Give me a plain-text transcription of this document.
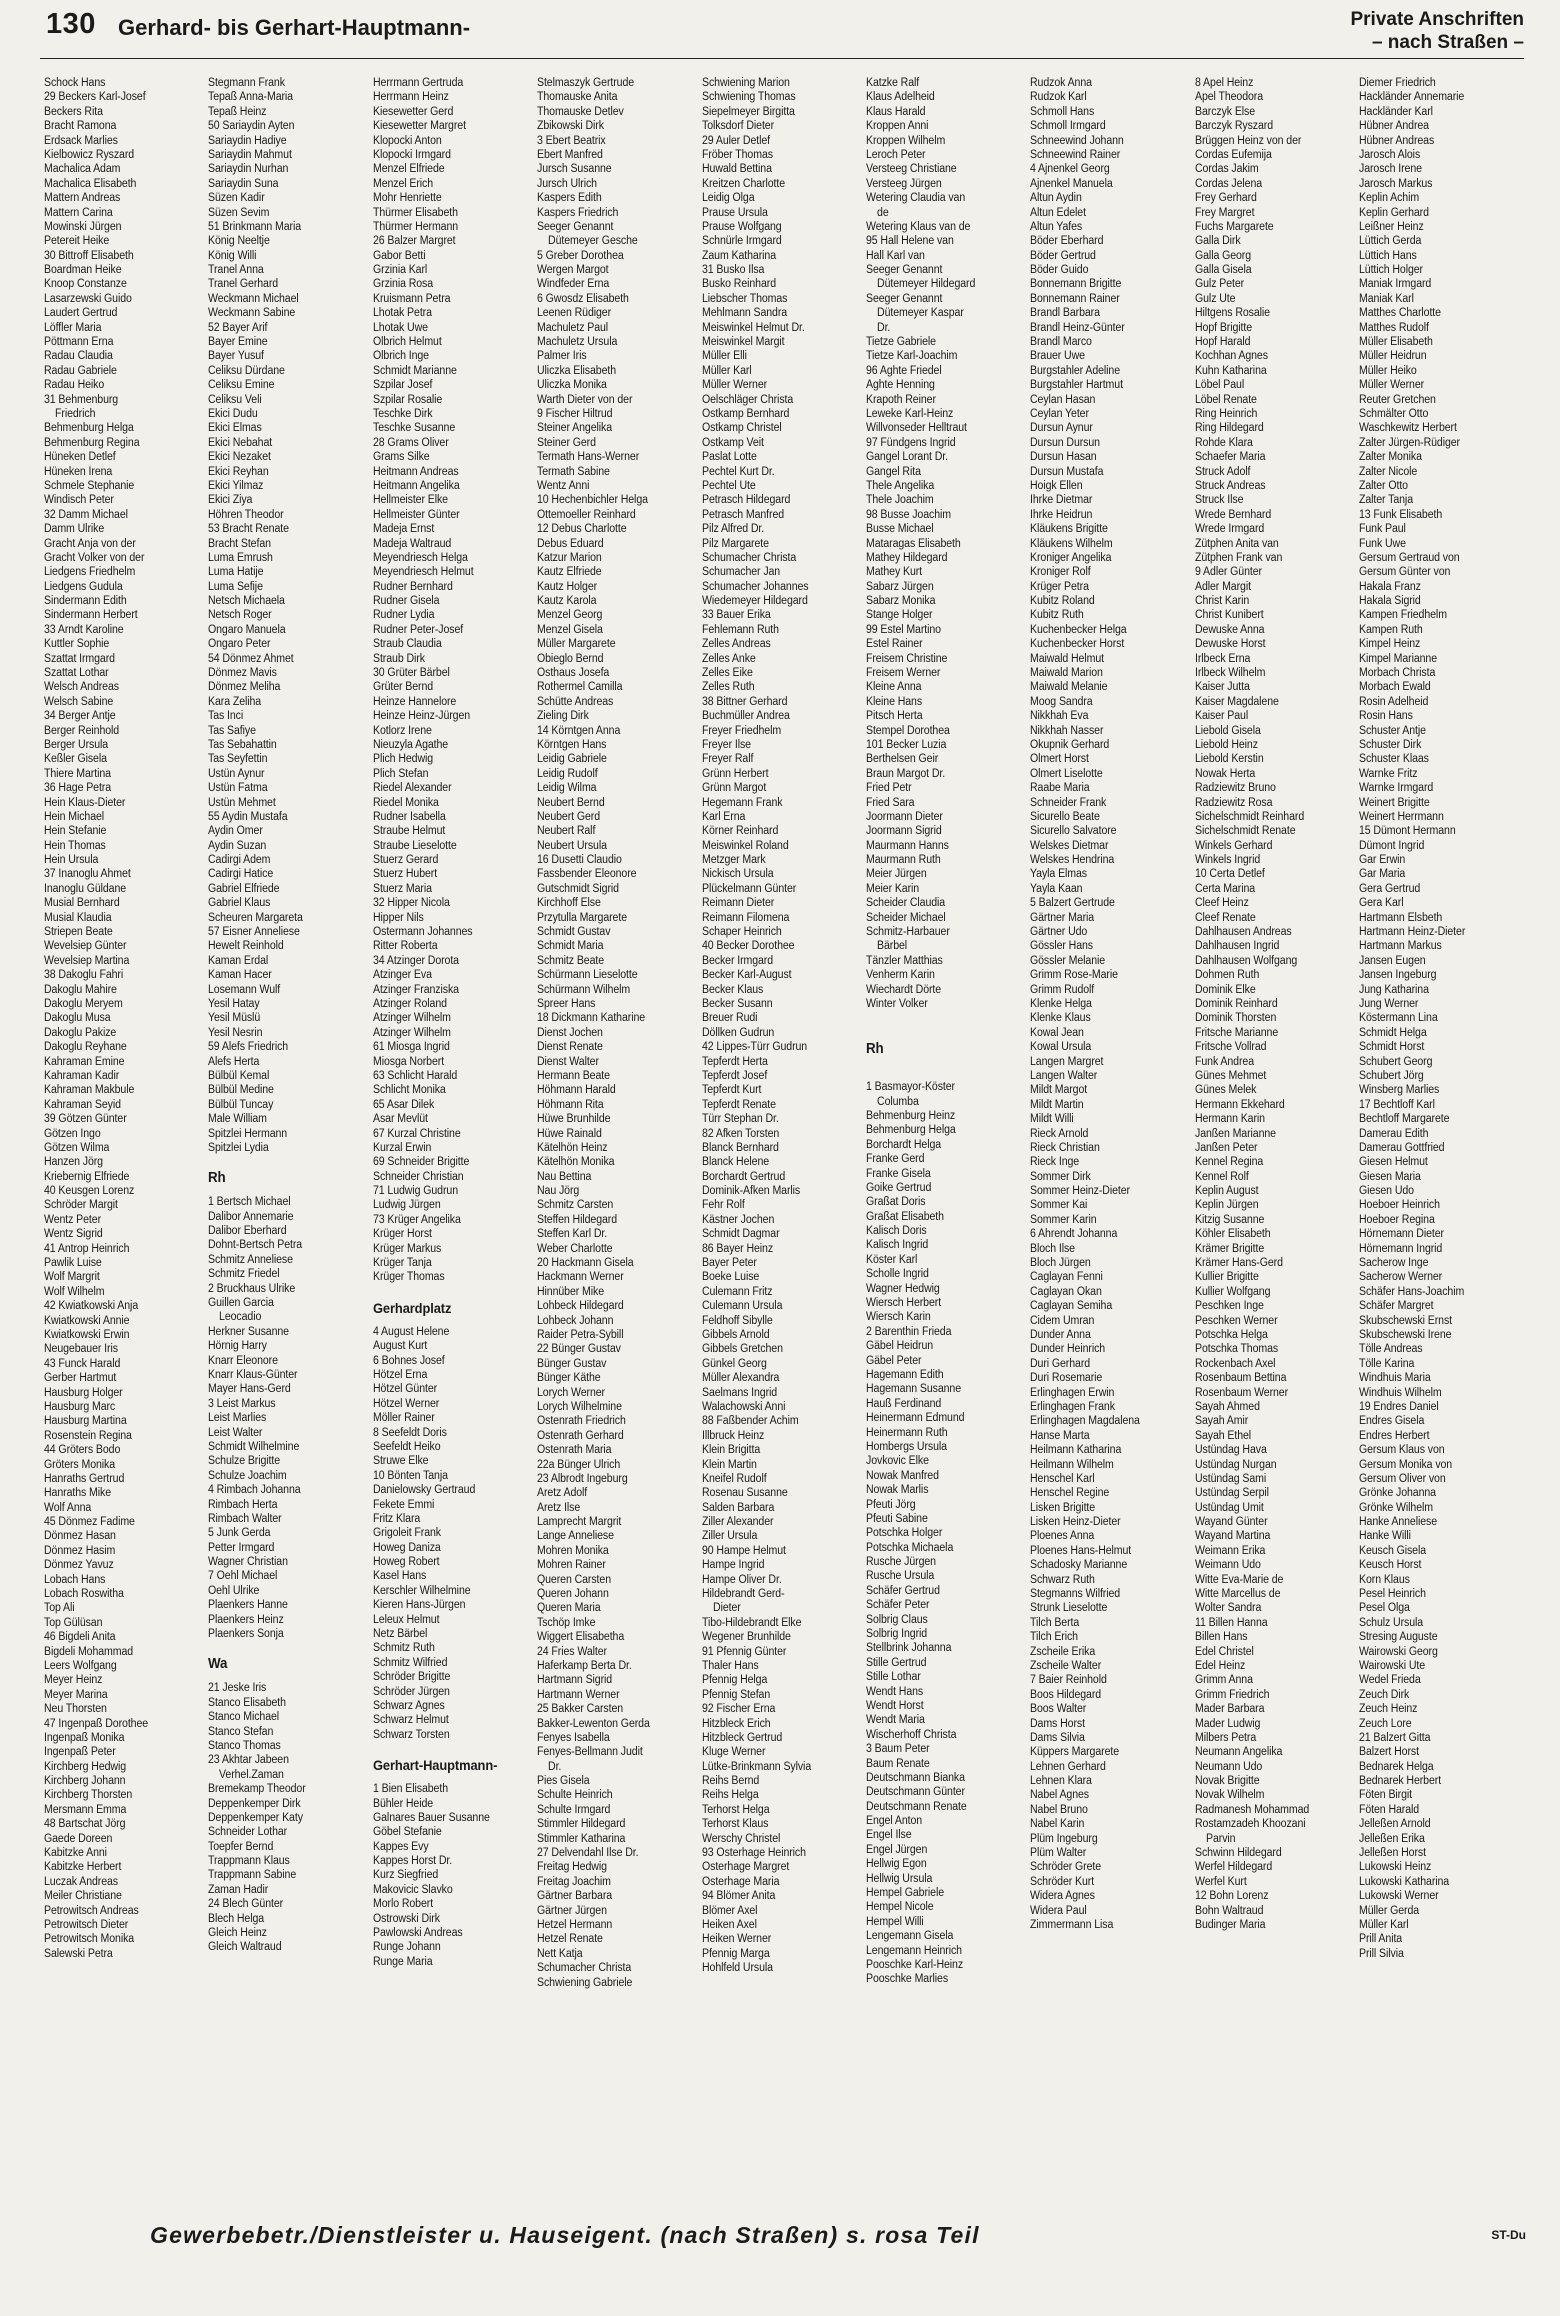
130 Gerhard- bis Gerhart-Hauptmann-	Private Anschriften
– nach Straßen –
Schock Hans
29 Beckers Karl-Josef
Beckers Rita
Bracht Ramona
Erdsack Marlies
Kielbowicz Ryszard
Machalica Adam
Machalica Elisabeth
Mattern Andreas
Mattern Carina
Mowinski Jürgen
Petereit Heike
30 Bittroff Elisabeth
Boardman Heike
Knoop Constanze
Lasarzewski Guido
Laudert Gertrud
Löffler Maria
Pöttmann Erna
Radau Claudia
Radau Gabriele
Radau Heiko
31 Behmenburg
Friedrich
Behmenburg Helga
Behmenburg Regina
Hüneken Detlef
Hüneken Irena
Schmele Stephanie
Windisch Peter
32 Damm Michael
Damm Ulrike
Gracht Anja von der
Gracht Volker von der
Liedgens Friedhelm
Liedgens Gudula
Sindermann Edith
Sindermann Herbert
33 Arndt Karoline
Kuttler Sophie
Szattat Irmgard
Szattat Lothar
Welsch Andreas
Welsch Sabine
34 Berger Antje
Berger Reinhold
Berger Ursula
Keßler Gisela
Thiere Martina
36 Hage Petra
Hein Klaus-Dieter
Hein Michael
Hein Stefanie
Hein Thomas
Hein Ursula
37 Inanoglu Ahmet
Inanoglu Güldane
Musial Bernhard
Musial Klaudia
Striepen Beate
Wevelsiep Günter
Wevelsiep Martina
38 Dakoglu Fahri
Dakoglu Mahire
Dakoglu Meryem
Dakoglu Musa
Dakoglu Pakize
Dakoglu Reyhane
Kahraman Emine
Kahraman Kadir
Kahraman Makbule
Kahraman Seyid
39 Götzen Günter
Götzen Ingo
Götzen Wilma
Hanzen Jörg
Kriebernig Elfriede
40 Keusgen Lorenz
Schröder Margit
Wentz Peter
Wentz Sigrid
41 Antrop Heinrich
Pawlik Luise
Wolf Margrit
Wolf Wilhelm
42 Kwiatkowski Anja
Kwiatkowski Annie
Kwiatkowski Erwin
Neugebauer Iris
43 Funck Harald
Gerber Hartmut
Hausburg Holger
Hausburg Marc
Hausburg Martina
Rosenstein Regina
44 Gröters Bodo
Gröters Monika
Hanraths Gertrud
Hanraths Mike
Wolf Anna
45 Dönmez Fadime
Dönmez Hasan
Dönmez Hasim
Dönmez Yavuz
Lobach Hans
Lobach Roswitha
Top Ali
Top Gülüsan
46 Bigdeli Anita
Bigdeli Mohammad
Leers Wolfgang
Meyer Heinz
Meyer Marina
Neu Thorsten
47 Ingenpaß Dorothee
Ingenpaß Monika
Ingenpaß Peter
Kirchberg Hedwig
Kirchberg Johann
Kirchberg Thorsten
Mersmann Emma
48 Bartschat Jörg
Gaede Doreen
Kabitzke Anni
Kabitzke Herbert
Luczak Andreas
Meiler Christiane
Petrowitsch Andreas
Petrowitsch Dieter
Petrowitsch Monika
Salewski Petra
Stegmann Frank
Tepaß Anna-Maria
Tepaß Heinz
50 Sariaydin Ayten
Sariaydin Hadiye
Sariaydin Mahmut
Sariaydin Nurhan
Sariaydin Suna
Süzen Kadir
Süzen Sevim
51 Brinkmann Maria
König Neeltje
König Willi
Tranel Anna
Tranel Gerhard
Weckmann Michael
Weckmann Sabine
52 Bayer Arif
Bayer Emine
Bayer Yusuf
Celiksu Dürdane
Celiksu Emine
Celiksu Veli
Ekici Dudu
Ekici Elmas
Ekici Nebahat
Ekici Nezaket
Ekici Reyhan
Ekici Yilmaz
Ekici Ziya
Höhren Theodor
53 Bracht Renate
Bracht Stefan
Luma Emrush
Luma Hatije
Luma Sefije
Netsch Michaela
Netsch Roger
Ongaro Manuela
Ongaro Peter
54 Dönmez Ahmet
Dönmez Mavis
Dönmez Meliha
Kara Zeliha
Tas Inci
Tas Safiye
Tas Sebahattin
Tas Seyfettin
Üstün Aynur
Üstün Fatma
Üstün Mehmet
55 Aydin Mustafa
Aydin Ömer
Aydin Suzan
Cadirgi Adem
Cadirgi Hatice
Gabriel Elfriede
Gabriel Klaus
Scheuren Margareta
57 Eisner Anneliese
Hewelt Reinhold
Kaman Erdal
Kaman Hacer
Losemann Wulf
Yesil Hatay
Yesil Müslü
Yesil Nesrin
59 Alefs Friedrich
Alefs Herta
Bülbül Kemal
Bülbül Medine
Bülbül Tuncay
Male William
Spitzlei Hermann
Spitzlei Lydia
Rh
1 Bertsch Michael
Dalibor Annemarie
Dalibor Eberhard
Dohnt-Bertsch Petra
Schmitz Anneliese
Schmitz Friedel
2 Bruckhaus Ulrike
Guillen Garcia
Leocadio
Herkner Susanne
Hörnig Harry
Knarr Eleonore
Knarr Klaus-Günter
Mayer Hans-Gerd
3 Leist Markus
Leist Marlies
Leist Walter
Schmidt Wilhelmine
Schulze Brigitte
Schulze Joachim
4 Rimbach Johanna
Rimbach Herta
Rimbach Walter
5 Junk Gerda
Petter Irmgard
Wagner Christian
7 Oehl Michael
Oehl Ulrike
Plaenkers Hanne
Plaenkers Heinz
Plaenkers Sonja
Wa
21 Jeske Iris
Stanco Elisabeth
Stanco Michael
Stanco Stefan
Stanco Thomas
23 Akhtar Jabeen
Verhel.Zaman
Bremekamp Theodor
Deppenkemper Dirk
Deppenkemper Katy
Schneider Lothar
Toepfer Bernd
Trappmann Klaus
Trappmann Sabine
Zaman Hadir
24 Blech Günter
Blech Helga
Gleich Heinz
Gleich Waltraud
Herrmann Gertruda
Herrmann Heinz
Kiesewetter Gerd
Kiesewetter Margret
Klopocki Anton
Klopocki Irmgard
Menzel Elfriede
Menzel Erich
Mohr Henriette
Thürmer Elisabeth
Thürmer Hermann
26 Balzer Margret
Gabor Betti
Grzinia Karl
Grzinia Rosa
Kruismann Petra
Lhotak Petra
Lhotak Uwe
Olbrich Helmut
Olbrich Inge
Schmidt Marianne
Szpilar Josef
Szpilar Rosalie
Teschke Dirk
Teschke Susanne
28 Grams Oliver
Grams Silke
Heitmann Andreas
Heitmann Angelika
Hellmeister Elke
Hellmeister Günter
Madeja Ernst
Madeja Waltraud
Meyendriesch Helga
Meyendriesch Helmut
Rudner Bernhard
Rudner Gisela
Rudner Lydia
Rudner Peter-Josef
Straub Claudia
Straub Dirk
30 Grüter Bärbel
Grüter Bernd
Heinze Hannelore
Heinze Heinz-Jürgen
Kotlorz Irene
Nieuzyla Agathe
Plich Hedwig
Plich Stefan
Riedel Alexander
Riedel Monika
Rudner Isabella
Straube Helmut
Straube Lieselotte
Stuerz Gerard
Stuerz Hubert
Stuerz Maria
32 Hipper Nicola
Hipper Nils
Ostermann Johannes
Ritter Roberta
34 Atzinger Dorota
Atzinger Eva
Atzinger Franziska
Atzinger Roland
Atzinger Wilhelm
Atzinger Wilhelm
61 Miosga Ingrid
Miosga Norbert
63 Schlicht Harald
Schlicht Monika
65 Asar Dilek
Asar Mevlüt
67 Kurzal Christine
Kurzal Erwin
69 Schneider Brigitte
Schneider Christian
71 Ludwig Gudrun
Ludwig Jürgen
73 Krüger Angelika
Krüger Horst
Krüger Markus
Krüger Tanja
Krüger Thomas
Gerhardplatz
4 August Helene
August Kurt
6 Bohnes Josef
Hötzel Erna
Hötzel Günter
Hötzel Werner
Möller Rainer
8 Seefeldt Doris
Seefeldt Heiko
Struwe Elke
10 Bönten Tanja
Danielowsky Gertraud
Fekete Emmi
Fritz Klara
Grigoleit Frank
Howeg Daniza
Howeg Robert
Kasel Hans
Kerschler Wilhelmine
Kieren Hans-Jürgen
Leleux Helmut
Netz Bärbel
Schmitz Ruth
Schmitz Wilfried
Schröder Brigitte
Schröder Jürgen
Schwarz Agnes
Schwarz Helmut
Schwarz Torsten
Gerhart-Hauptmann-
1 Bien Elisabeth
Bühler Heide
Galnares Bauer Susanne
Göbel Stefanie
Kappes Evy
Kappes Horst Dr.
Kurz Siegfried
Makovicic Slavko
Morlo Robert
Ostrowski Dirk
Pawlowski Andreas
Runge Johann
Runge Maria
Stelmaszyk Gertrude
Thomauske Anita
Thomauske Detlev
Zbikowski Dirk
3 Ebert Beatrix
Ebert Manfred
Jursch Susanne
Jursch Ulrich
Kaspers Edith
Kaspers Friedrich
Seeger Genannt
Dütemeyer Gesche
5 Greber Dorothea
Wergen Margot
Windfeder Erna
6 Gwosdz Elisabeth
Leenen Rüdiger
Machuletz Paul
Machuletz Ursula
Palmer Iris
Uliczka Elisabeth
Uliczka Monika
Warth Dieter von der
9 Fischer Hiltrud
Steiner Angelika
Steiner Gerd
Termath Hans-Werner
Termath Sabine
Wentz Anni
10 Hechenbichler Helga
Ottemoeller Reinhard
12 Debus Charlotte
Debus Eduard
Katzur Marion
Kautz Elfriede
Kautz Holger
Kautz Karola
Menzel Georg
Menzel Gisela
Müller Margarete
Obieglo Bernd
Osthaus Josefa
Rothermel Camilla
Schütte Andreas
Zieling Dirk
14 Körntgen Anna
Körntgen Hans
Leidig Gabriele
Leidig Rudolf
Leidig Wilma
Neubert Bernd
Neubert Gerd
Neubert Ralf
Neubert Ursula
16 Dusetti Claudio
Fassbender Eleonore
Gutschmidt Sigrid
Kirchhoff Else
Przytulla Margarete
Schmidt Gustav
Schmidt Maria
Schmitz Beate
Schürmann Lieselotte
Schürmann Wilhelm
Spreer Hans
18 Dickmann Katharine
Dienst Jochen
Dienst Renate
Dienst Walter
Hermann Beate
Höhmann Harald
Höhmann Rita
Hüwe Brunhilde
Hüwe Rainald
Kätelhön Heinz
Kätelhön Monika
Nau Bettina
Nau Jörg
Schmitz Carsten
Steffen Hildegard
Steffen Karl Dr.
Weber Charlotte
20 Hackmann Gisela
Hackmann Werner
Hinnüber Mike
Lohbeck Hildegard
Lohbeck Johann
Raider Petra-Sybill
22 Bünger Gustav
Bünger Gustav
Bünger Käthe
Lorych Werner
Lorych Wilhelmine
Ostenrath Friedrich
Ostenrath Gerhard
Ostenrath Maria
22a Bünger Ulrich
23 Albrodt Ingeburg
Aretz Adolf
Aretz Ilse
Lamprecht Margrit
Lange Anneliese
Mohren Monika
Mohren Rainer
Queren Carsten
Queren Johann
Queren Maria
Tschöp Imke
Wiggert Elisabetha
24 Fries Walter
Haferkamp Berta Dr.
Hartmann Sigrid
Hartmann Werner
25 Bakker Carsten
Bakker-Lewenton Gerda
Fenyes Isabella
Fenyes-Bellmann Judit
Dr.
Pies Gisela
Schulte Heinrich
Schulte Irmgard
Stimmler Hildegard
Stimmler Katharina
27 Delvendahl Ilse Dr.
Freitag Hedwig
Freitag Joachim
Gärtner Barbara
Gärtner Jürgen
Hetzel Hermann
Hetzel Renate
Nett Katja
Schumacher Christa
Schwiening Gabriele
Schwiening Marion
Schwiening Thomas
Siepelmeyer Birgitta
Tolksdorf Dieter
29 Auler Detlef
Fröber Thomas
Huwald Bettina
Kreitzen Charlotte
Leidig Olga
Prause Ursula
Prause Wolfgang
Schnürle Irmgard
Zaum Katharina
31 Busko Ilsa
Busko Reinhard
Liebscher Thomas
Mehlmann Sandra
Meiswinkel Helmut Dr.
Meiswinkel Margit
Müller Elli
Müller Karl
Müller Werner
Oelschläger Christa
Ostkamp Bernhard
Ostkamp Christel
Ostkamp Veit
Paslat Lotte
Pechtel Kurt Dr.
Pechtel Ute
Petrasch Hildegard
Petrasch Manfred
Pilz Alfred Dr.
Pilz Margarete
Schumacher Christa
Schumacher Jan
Schumacher Johannes
Wiedemeyer Hildegard
33 Bauer Erika
Fehlemann Ruth
Zelles Andreas
Zelles Anke
Zelles Eike
Zelles Ruth
38 Bittner Gerhard
Buchmüller Andrea
Freyer Friedhelm
Freyer Ilse
Freyer Ralf
Grünn Herbert
Grünn Margot
Hegemann Frank
Karl Erna
Körner Reinhard
Meiswinkel Roland
Metzger Mark
Nickisch Ursula
Plückelmann Günter
Reimann Dieter
Reimann Filomena
Schaper Heinrich
40 Becker Dorothee
Becker Irmgard
Becker Karl-August
Becker Klaus
Becker Susann
Breuer Rudi
Döllken Gudrun
42 Lippes-Türr Gudrun
Tepferdt Herta
Tepferdt Josef
Tepferdt Kurt
Tepferdt Renate
Türr Stephan Dr.
82 Afken Torsten
Blanck Bernhard
Blanck Helene
Borchardt Gertrud
Dominik-Afken Marlis
Fehr Rolf
Kästner Jochen
Schmidt Dagmar
86 Bayer Heinz
Bayer Peter
Boeke Luise
Culemann Fritz
Culemann Ursula
Feldhoff Sibylle
Gibbels Arnold
Gibbels Gretchen
Günkel Georg
Müller Alexandra
Saelmans Ingrid
Walachowski Anni
88 Faßbender Achim
Illbruck Heinz
Klein Brigitta
Klein Martin
Kneifel Rudolf
Rosenau Susanne
Salden Barbara
Ziller Alexander
Ziller Ursula
90 Hampe Helmut
Hampe Ingrid
Hampe Oliver Dr.
Hildebrandt Gerd-
Dieter
Tibo-Hildebrandt Elke
Wegener Brunhilde
91 Pfennig Günter
Thaler Hans
Pfennig Helga
Pfennig Stefan
92 Fischer Erna
Hitzbleck Erich
Hitzbleck Gertrud
Kluge Werner
Lütke-Brinkmann Sylvia
Reihs Bernd
Reihs Helga
Terhorst Helga
Terhorst Klaus
Werschy Christel
93 Osterhage Heinrich
Osterhage Margret
Osterhage Maria
94 Blömer Anita
Blömer Axel
Heiken Axel
Heiken Werner
Pfennig Marga
Hohlfeld Ursula
Katzke Ralf
Klaus Adelheid
Klaus Harald
Kroppen Anni
Kroppen Wilhelm
Leroch Peter
Versteeg Christiane
Versteeg Jürgen
Wetering Claudia van
de
Wetering Klaus van de
95 Hall Helene van
Hall Karl van
Seeger Genannt
Dütemeyer Hildegard
Seeger Genannt
Dütemeyer Kaspar
Dr.
Tietze Gabriele
Tietze Karl-Joachim
96 Aghte Friedel
Aghte Henning
Krapoth Reiner
Leweke Karl-Heinz
Willvonseder Helltraut
97 Fündgens Ingrid
Gangel Lorant Dr.
Gangel Rita
Thele Angelika
Thele Joachim
98 Busse Joachim
Busse Michael
Mataragas Elisabeth
Mathey Hildegard
Mathey Kurt
Sabarz Jürgen
Sabarz Monika
Stange Holger
99 Estel Martino
Estel Rainer
Freisem Christine
Freisem Werner
Kleine Anna
Kleine Hans
Pitsch Herta
Stempel Dorothea
101 Becker Luzia
Berthelsen Geir
Braun Margot Dr.
Fried Petr
Fried Sara
Joormann Dieter
Joormann Sigrid
Maurmann Hanns
Maurmann Ruth
Meier Jürgen
Meier Karin
Scheider Claudia
Scheider Michael
Schmitz-Harbauer
Bärbel
Tänzler Matthias
Venherm Karin
Wiechardt Dörte
Winter Volker

Rh

1 Basmayor-Köster
Columba
Behmenburg Heinz
Behmenburg Helga
Borchardt Helga
Franke Gerd
Franke Gisela
Goike Gertrud
Graßat Doris
Graßat Elisabeth
Kalisch Doris
Kalisch Ingrid
Köster Karl
Scholle Ingrid
Wagner Hedwig
Wiersch Herbert
Wiersch Karin
2 Barenthin Frieda
Gäbel Heidrun
Gäbel Peter
Hagemann Edith
Hagemann Susanne
Hauß Ferdinand
Heinermann Edmund
Heinermann Ruth
Hombergs Ursula
Jovkovic Elke
Nowak Manfred
Nowak Marlis
Pfeuti Jörg
Pfeuti Sabine
Potschka Holger
Potschka Michaela
Rusche Jürgen
Rusche Ursula
Schäfer Gertrud
Schäfer Peter
Solbrig Claus
Solbrig Ingrid
Stellbrink Johanna
Stille Gertrud
Stille Lothar
Wendt Hans
Wendt Horst
Wendt Maria
Wischerhoff Christa
3 Baum Peter
Baum Renate
Deutschmann Bianka
Deutschmann Günter
Deutschmann Renate
Engel Anton
Engel Ilse
Engel Jürgen
Hellwig Egon
Hellwig Ursula
Hempel Gabriele
Hempel Nicole
Hempel Willi
Lengemann Gisela
Lengemann Heinrich
Pooschke Karl-Heinz
Pooschke Marlies
Rudzok Anna
Rudzok Karl
Schmoll Hans
Schmoll Irmgard
Schneewind Johann
Schneewind Rainer
4 Ajnenkel Georg
Ajnenkel Manuela
Altun Aydin
Altun Edelet
Altun Yafes
Böder Eberhard
Böder Gertrud
Böder Guido
Bonnemann Brigitte
Bonnemann Rainer
Brandl Barbara
Brandl Heinz-Günter
Brandl Marco
Brauer Uwe
Burgstahler Adeline
Burgstahler Hartmut
Ceylan Hasan
Ceylan Yeter
Dursun Aynur
Dursun Dursun
Dursun Hasan
Dursun Mustafa
Hoigk Ellen
Ihrke Dietmar
Ihrke Heidrun
Kläukens Brigitte
Kläukens Wilhelm
Kroniger Angelika
Kroniger Rolf
Krüger Petra
Kubitz Roland
Kubitz Ruth
Kuchenbecker Helga
Kuchenbecker Horst
Maiwald Helmut
Maiwald Marion
Maiwald Melanie
Moog Sandra
Nikkhah Eva
Nikkhah Nasser
Okupnik Gerhard
Olmert Horst
Olmert Liselotte
Raabe Maria
Schneider Frank
Sicurello Beate
Sicurello Salvatore
Welskes Dietmar
Welskes Hendrina
Yayla Elmas
Yayla Kaan
5 Balzert Gertrude
Gärtner Maria
Gärtner Udo
Gössler Hans
Gössler Melanie
Grimm Rose-Marie
Grimm Rudolf
Klenke Helga
Klenke Klaus
Kowal Jean
Kowal Ursula
Langen Margret
Langen Walter
Mildt Margot
Mildt Martin
Mildt Willi
Rieck Arnold
Rieck Christian
Rieck Inge
Sommer Dirk
Sommer Heinz-Dieter
Sommer Kai
Sommer Karin
6 Ahrendt Johanna
Bloch Ilse
Bloch Jürgen
Caglayan Fenni
Caglayan Okan
Caglayan Semiha
Cidem Ümran
Dunder Anna
Dunder Heinrich
Duri Gerhard
Duri Rosemarie
Erlinghagen Erwin
Erlinghagen Frank
Erlinghagen Magdalena
Hanse Marta
Heilmann Katharina
Heilmann Wilhelm
Henschel Karl
Henschel Regine
Lisken Brigitte
Lisken Heinz-Dieter
Ploenes Anna
Ploenes Hans-Helmut
Schadosky Marianne
Schwarz Ruth
Stegmanns Wilfried
Strunk Lieselotte
Tilch Berta
Tilch Erich
Zscheile Erika
Zscheile Walter
7 Baier Reinhold
Boos Hildegard
Boos Walter
Dams Horst
Dams Silvia
Küppers Margarete
Lehnen Gerhard
Lehnen Klara
Nabel Agnes
Nabel Bruno
Nabel Karin
Plüm Ingeburg
Plüm Walter
Schröder Grete
Schröder Kurt
Widera Agnes
Widera Paul
Zimmermann Lisa
8 Apel Heinz
Apel Theodora
Barczyk Else
Barczyk Ryszard
Brüggen Heinz von der
Cordas Eufemija
Cordas Jakim
Cordas Jelena
Frey Gerhard
Frey Margret
Fuchs Margarete
Galla Dirk
Galla Georg
Galla Gisela
Gulz Peter
Gulz Ute
Hiltgens Rosalie
Hopf Brigitte
Hopf Harald
Kochhan Agnes
Kuhn Katharina
Löbel Paul
Löbel Renate
Ring Heinrich
Ring Hildegard
Rohde Klara
Schaefer Maria
Struck Adolf
Struck Andreas
Struck Ilse
Wrede Bernhard
Wrede Irmgard
Zütphen Anita van
Zütphen Frank van
9 Adler Günter
Adler Margit
Christ Karin
Christ Kunibert
Dewuske Anna
Dewuske Horst
Irlbeck Erna
Irlbeck Wilhelm
Kaiser Jutta
Kaiser Magdalene
Kaiser Paul
Liebold Gisela
Liebold Heinz
Liebold Kerstin
Nowak Herta
Radziewitz Bruno
Radziewitz Rosa
Sichelschmidt Reinhard
Sichelschmidt Renate
Winkels Gerhard
Winkels Ingrid
10 Certa Detlef
Certa Marina
Cleef Heinz
Cleef Renate
Dahlhausen Andreas
Dahlhausen Ingrid
Dahlhausen Wolfgang
Dohmen Ruth
Dominik Elke
Dominik Reinhard
Dominik Thorsten
Fritsche Marianne
Fritsche Vollrad
Funk Andrea
Günes Mehmet
Günes Melek
Hermann Ekkehard
Hermann Karin
Janßen Marianne
Janßen Peter
Kennel Regina
Kennel Rolf
Keplin August
Keplin Jürgen
Kitzig Susanne
Köhler Elisabeth
Krämer Brigitte
Krämer Hans-Gerd
Kullier Brigitte
Kullier Wolfgang
Peschken Inge
Peschken Werner
Potschka Helga
Potschka Thomas
Rockenbach Axel
Rosenbaum Bettina
Rosenbaum Werner
Sayah Ahmed
Sayah Amir
Sayah Ethel
Üstündag Hava
Üstündag Nurgan
Üstündag Sami
Üstündag Serpil
Üstündag Ümit
Wayand Günter
Wayand Martina
Weimann Erika
Weimann Udo
Witte Eva-Marie de
Witte Marcellus de
Wolter Sandra
11 Billen Hanna
Billen Hans
Edel Christel
Edel Heinz
Grimm Anna
Grimm Friedrich
Mader Barbara
Mader Ludwig
Milbers Petra
Neumann Angelika
Neumann Udo
Novak Brigitte
Novak Wilhelm
Radmanesh Mohammad
Rostamzadeh Khoozani
Parvin
Schwinn Hildegard
Werfel Hildegard
Werfel Kurt
12 Bohn Lorenz
Bohn Waltraud
Budinger Maria
Diemer Friedrich
Hackländer Annemarie
Hackländer Karl
Hübner Andrea
Hübner Andreas
Jarosch Alois
Jarosch Irene
Jarosch Markus
Keplin Achim
Keplin Gerhard
Leißner Heinz
Lüttich Gerda
Lüttich Hans
Lüttich Holger
Maniak Irmgard
Maniak Karl
Matthes Charlotte
Matthes Rudolf
Müller Elisabeth
Müller Heidrun
Müller Heiko
Müller Werner
Reuter Gretchen
Schmälter Otto
Waschkewitz Herbert
Zalter Jürgen-Rüdiger
Zalter Monika
Zalter Nicole
Zalter Otto
Zalter Tanja
13 Funk Elisabeth
Funk Paul
Funk Uwe
Gersum Gertraud von
Gersum Günter von
Hakala Franz
Hakala Sigrid
Kampen Friedhelm
Kampen Ruth
Kimpel Heinz
Kimpel Marianne
Morbach Christa
Morbach Ewald
Rosin Adelheid
Rosin Hans
Schuster Antje
Schuster Dirk
Schuster Klaas
Warnke Fritz
Warnke Irmgard
Weinert Brigitte
Weinert Herrmann
15 Dümont Hermann
Dümont Ingrid
Gar Erwin
Gar Maria
Gera Gertrud
Gera Karl
Hartmann Elsbeth
Hartmann Heinz-Dieter
Hartmann Markus
Jansen Eugen
Jansen Ingeburg
Jung Katharina
Jung Werner
Köstermann Lina
Schmidt Helga
Schmidt Horst
Schubert Georg
Schubert Jörg
Winsberg Marlies
17 Bechtloff Karl
Bechtloff Margarete
Damerau Edith
Damerau Gottfried
Giesen Helmut
Giesen Maria
Giesen Udo
Hoeboer Heinrich
Hoeboer Regina
Hörnemann Dieter
Hörnemann Ingrid
Sacherow Inge
Sacherow Werner
Schäfer Hans-Joachim
Schäfer Margret
Skubschewski Ernst
Skubschewski Irene
Tölle Andreas
Tölle Karina
Windhuis Maria
Windhuis Wilhelm
19 Endres Daniel
Endres Gisela
Endres Herbert
Gersum Klaus von
Gersum Monika von
Gersum Oliver von
Grönke Johanna
Grönke Wilhelm
Hanke Anneliese
Hanke Willi
Keusch Gisela
Keusch Horst
Korn Klaus
Pesel Heinrich
Pesel Olga
Schulz Ursula
Stresing Auguste
Wairowski Georg
Wairowski Ute
Wedel Frieda
Zeuch Dirk
Zeuch Heinz
Zeuch Lore
21 Balzert Gitta
Balzert Horst
Bednarek Helga
Bednarek Herbert
Föten Birgit
Föten Harald
Jelleßen Arnold
Jelleßen Erika
Jelleßen Horst
Lukowski Heinz
Lukowski Katharina
Lukowski Werner
Müller Gerda
Müller Karl
Prill Anita
Prill Silvia
Gewerbebetr./Dienstleister u. Hauseigent. (nach Straßen) s. rosa Teil	ST-Du
